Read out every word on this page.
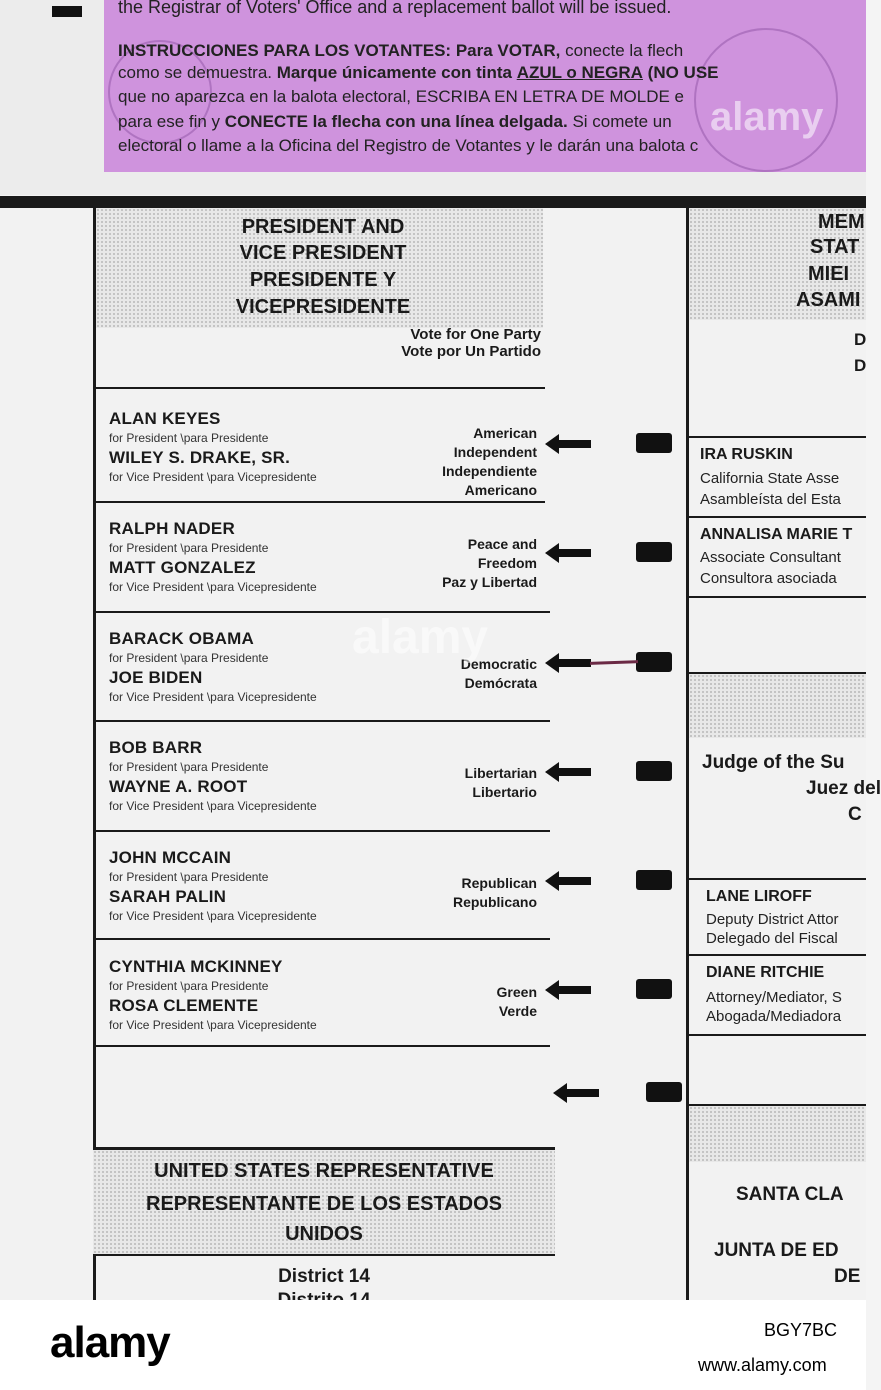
the Registrar of Voters' Office and a replacement ballot will be issued.
INSTRUCCIONES PARA LOS VOTANTES: Para VOTAR, conecte la flech
como se demuestra. Marque únicamente con tinta AZUL o NEGRA (NO USE
que no aparezca en la balota electoral, ESCRIBA EN LETRA DE MOLDE e
para ese fin y CONECTE la flecha con una línea delgada. Si comete un
electoral o llame a la Oficina del Registro de Votantes y le darán una balota c
PRESIDENT AND
VICE PRESIDENT
PRESIDENTE Y
VICEPRESIDENTE
Vote for One Party
Vote por Un Partido
ALAN KEYES
for President \para Presidente
WILEY S. DRAKE, SR.
for Vice President \para Vicepresidente
American
Independent
Independiente
Americano
RALPH NADER
for President \para Presidente
MATT GONZALEZ
for Vice President \para Vicepresidente
Peace and
Freedom
Paz y Libertad
BARACK OBAMA
for President \para Presidente
JOE BIDEN
for Vice President \para Vicepresidente
Democratic
Demócrata
BOB BARR
for President \para Presidente
WAYNE A. ROOT
for Vice President \para Vicepresidente
Libertarian
Libertario
JOHN MCCAIN
for President \para Presidente
SARAH PALIN
for Vice President \para Vicepresidente
Republican
Republicano
CYNTHIA MCKINNEY
for President \para Presidente
ROSA CLEMENTE
for Vice President \para Vicepresidente
Green
Verde
MEM
STAT
MIEI
ASAMI
D
D
IRA RUSKIN
California State Asse
Asambleísta del Esta
ANNALISA MARIE T
Associate Consultant
Consultora asociada
Judge of the Su
Juez del
C
LANE LIROFF
Deputy District Attor
Delegado del Fiscal
DIANE RITCHIE
Attorney/Mediator, S
Abogada/Mediadora
SANTA CLA
JUNTA DE ED
DE
UNITED STATES REPRESENTATIVE
REPRESENTANTE DE LOS ESTADOS
UNIDOS
District 14
alamy
alamy
alamy	BGY7BC
www.alamy.com
